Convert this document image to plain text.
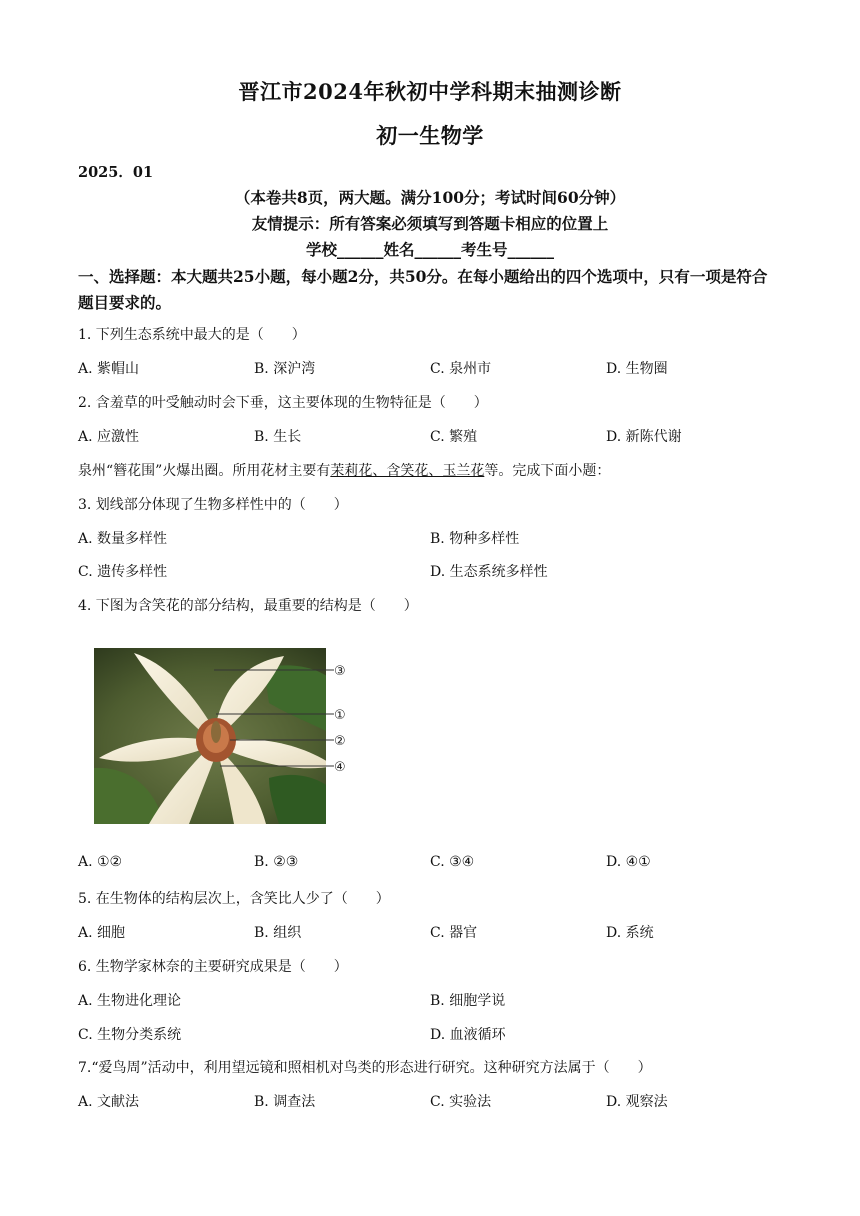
晋江市2024年秋初中学科期末抽测诊断
初一生物学
2025．01
（本卷共8页，两大题。满分100分；考试时间60分钟）
友情提示：所有答案必须填写到答题卡相应的位置上
学校______姓名______考生号______
一、选择题：本大题共25小题，每小题2分，共50分。在每小题给出的四个选项中，只有一项是符合题目要求的。
1. 下列生态系统中最大的是（　　）
A. 紫帽山	B. 深沪湾	C. 泉州市	D. 生物圈
2. 含羞草的叶受触动时会下垂，这主要体现的生物特征是（　　）
A. 应激性	B. 生长	C. 繁殖	D. 新陈代谢
泉州“簪花围”火爆出圈。所用花材主要有茉莉花、含笑花、玉兰花等。完成下面小题：
3. 划线部分体现了生物多样性中的（　　）
A. 数量多样性	B. 物种多样性
C. 遗传多样性	D. 生态系统多样性
4. 下图为含笑花的部分结构，最重要的结构是（　　）
③
①
②
④
A. ①②	B. ②③	C. ③④	D. ④①
5. 在生物体的结构层次上，含笑比人少了（　　）
A. 细胞	B. 组织	C. 器官	D. 系统
6. 生物学家林奈的主要研究成果是（　　）
A. 生物进化理论	B. 细胞学说
C. 生物分类系统	D. 血液循环
7.“爱鸟周”活动中，利用望远镜和照相机对鸟类的形态进行研究。这种研究方法属于（　　）
A. 文献法	B. 调查法	C. 实验法	D. 观察法
